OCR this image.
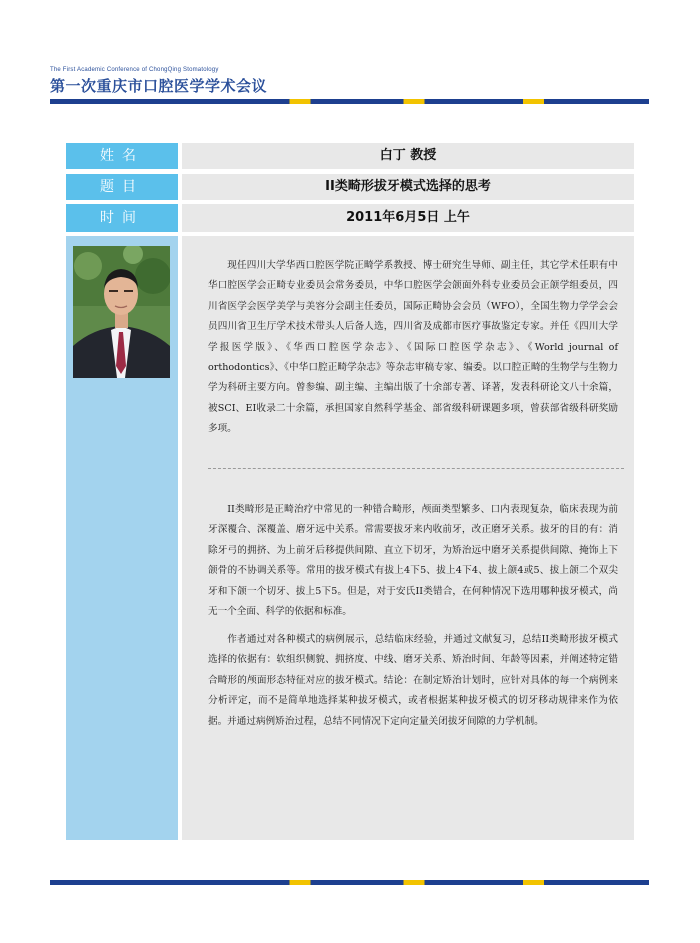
The First Academic Conference of ChongQing Stomatology
第一次重庆市口腔医学学术会议
姓名	白丁 教授
题目	II类畸形拔牙模式选择的思考
时间	2011年6月5日 上午
现任四川大学华西口腔医学院正畸学系教授、博士研究生导师、副主任，其它学术任职有中华口腔医学会正畸专业委员会常务委员，中华口腔医学会颌面外科专业委员会正颌学组委员，四川省医学会医学美学与美容分会副主任委员，国际正畸协会会员（WFO），全国生物力学学会会员四川省卫生厅学术技术带头人后备人选，四川省及成都市医疗事故鉴定专家。并任《四川大学学报医学版》、《华西口腔医学杂志》、《国际口腔医学杂志》、《World journal of orthodontics》、《中华口腔正畸学杂志》等杂志审稿专家、编委。以口腔正畸的生物学与生物力学为科研主要方向。曾参编、副主编、主编出版了十余部专著、译著，发表科研论文八十余篇，被SCI、EI收录二十余篇，承担国家自然科学基金、部省级科研课题多项，曾获部省级科研奖励多项。
II类畸形是正畸治疗中常见的一种错合畸形，颅面类型繁多、口内表现复杂，临床表现为前牙深覆合、深覆盖、磨牙远中关系。常需要拔牙来内收前牙，改正磨牙关系。拔牙的目的有：消除牙弓的拥挤、为上前牙后移提供间隙、直立下切牙，为矫治远中磨牙关系提供间隙、掩饰上下颌骨的不协调关系等。常用的拔牙模式有拔上4下5、拔上4下4、拔上颌4或5、拔上颌二个双尖牙和下颌一个切牙、拔上5下5。但是，对于安氏II类错合，在何种情况下选用哪种拔牙模式，尚无一个全面、科学的依据和标准。
作者通过对各种模式的病例展示，总结临床经验，并通过文献复习，总结II类畸形拔牙模式选择的依据有：软组织侧貌、拥挤度、中线、磨牙关系、矫治时间、年龄等因素，并阐述特定错合畸形的颅面形态特征对应的拔牙模式。结论：在制定矫治计划时，应针对具体的每一个病例来分析评定，而不是简单地选择某种拔牙模式，或者根据某种拔牙模式的切牙移动规律来作为依据。并通过病例矫治过程，总结不同情况下定向定量关闭拔牙间隙的力学机制。
